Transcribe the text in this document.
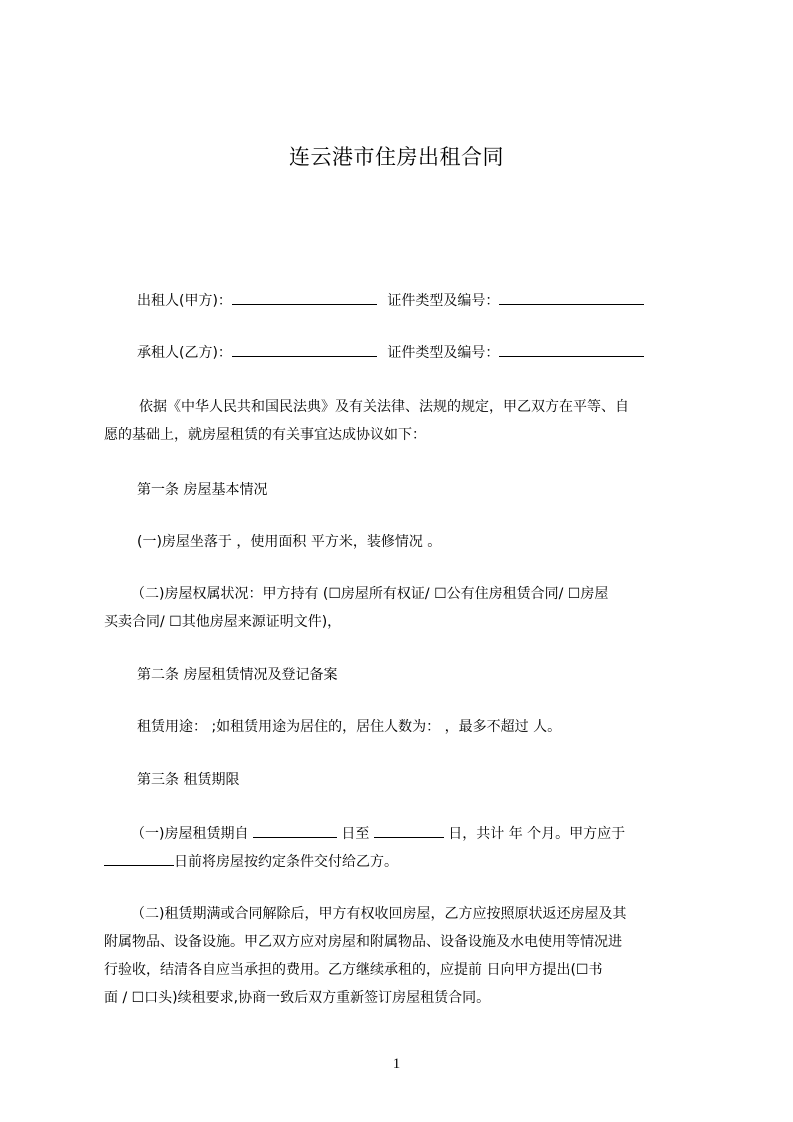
连云港市住房出租合同
出租人(甲方)：	证件类型及编号：
承租人(乙方)：	证件类型及编号：
依据《中华人民共和国民法典》及有关法律、法规的规定，甲乙双方在平等、自
愿的基础上，就房屋租赁的有关事宜达成协议如下：
第一条 房屋基本情况
(一)房屋坐落于 ，使用面积 平方米，装修情况 。
（二)房屋权属状况：甲方持有 (☐房屋所有权证/ ☐公有住房租赁合同/ ☐房屋
买卖合同/ ☐其他房屋来源证明文件)，
第二条 房屋租赁情况及登记备案
租赁用途： ;如租赁用途为居住的，居住人数为： ，最多不超过 人。
第三条 租赁期限
（一)房屋租赁期自	日至	日，共计 年 个月。甲方应于
日前将房屋按约定条件交付给乙方。
（二)租赁期满或合同解除后，甲方有权收回房屋，乙方应按照原状返还房屋及其
附属物品、设备设施。甲乙双方应对房屋和附属物品、设备设施及水电使用等情况进
行验收，结清各自应当承担的费用。乙方继续承租的，应提前 日向甲方提出(☐书
面 / ☐口头)续租要求,协商一致后双方重新签订房屋租赁合同。
1
